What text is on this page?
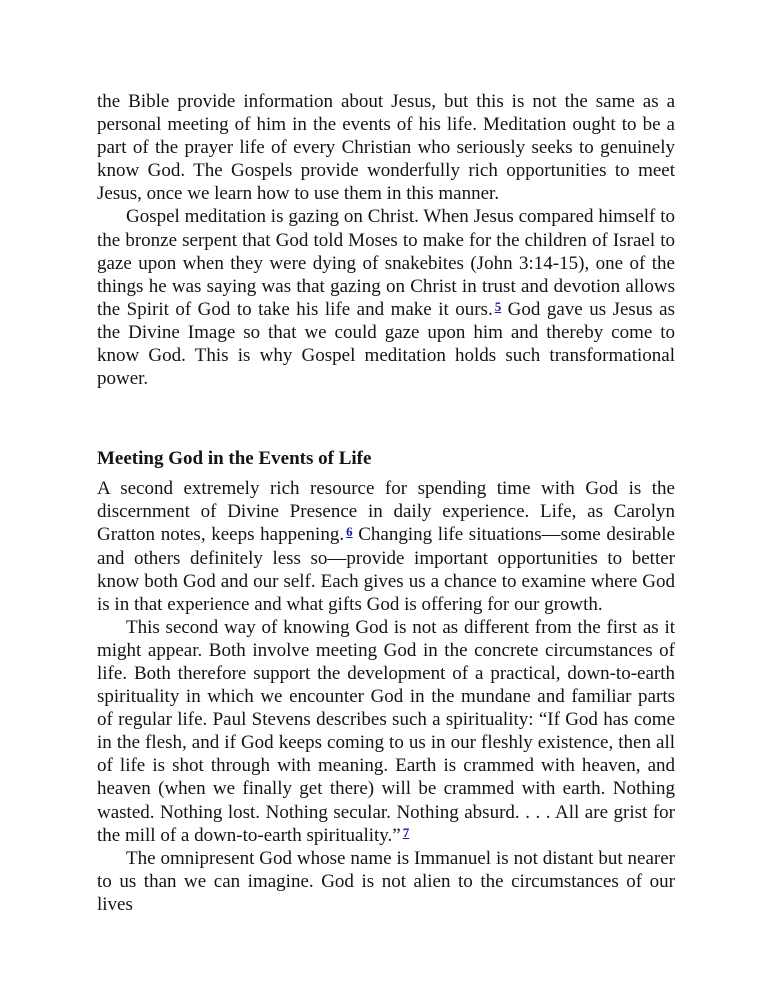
the Bible provide information about Jesus, but this is not the same as a personal meeting of him in the events of his life. Meditation ought to be a part of the prayer life of every Christian who seriously seeks to genuinely know God. The Gospels provide wonderfully rich opportunities to meet Jesus, once we learn how to use them in this manner.

Gospel meditation is gazing on Christ. When Jesus compared himself to the bronze serpent that God told Moses to make for the children of Israel to gaze upon when they were dying of snakebites (John 3:14-15), one of the things he was saying was that gazing on Christ in trust and devotion allows the Spirit of God to take his life and make it ours. $^5$ God gave us Jesus as the Divine Image so that we could gaze upon him and thereby come to know God. This is why Gospel meditation holds such transformational power.

Meeting God in the Events of Life

A second extremely rich resource for spending time with God is the discernment of Divine Presence in daily experience. Life, as Carolyn Gratton notes, keeps happening. $^6$ Changing life situations—some desirable and others definitely less so—provide important opportunities to better know both God and our self. Each gives us a chance to examine where God is in that experience and what gifts God is offering for our growth.

This second way of knowing God is not as different from the first as it might appear. Both involve meeting God in the concrete circumstances of life. Both therefore support the development of a practical, down-to-earth spirituality in which we encounter God in the mundane and familiar parts of regular life. Paul Stevens describes such a spirituality: “If God has come in the flesh, and if God keeps coming to us in our fleshly existence, then all of life is shot through with meaning. Earth is crammed with heaven, and heaven (when we finally get there) will be crammed with earth. Nothing wasted. Nothing lost. Nothing secular. Nothing absurd. . . . All are grist for the mill of a down-to-earth spirituality.” $^7$

The omnipresent God whose name is Immanuel is not distant but nearer to us than we can imagine. God is not alien to the circumstances of our lives
